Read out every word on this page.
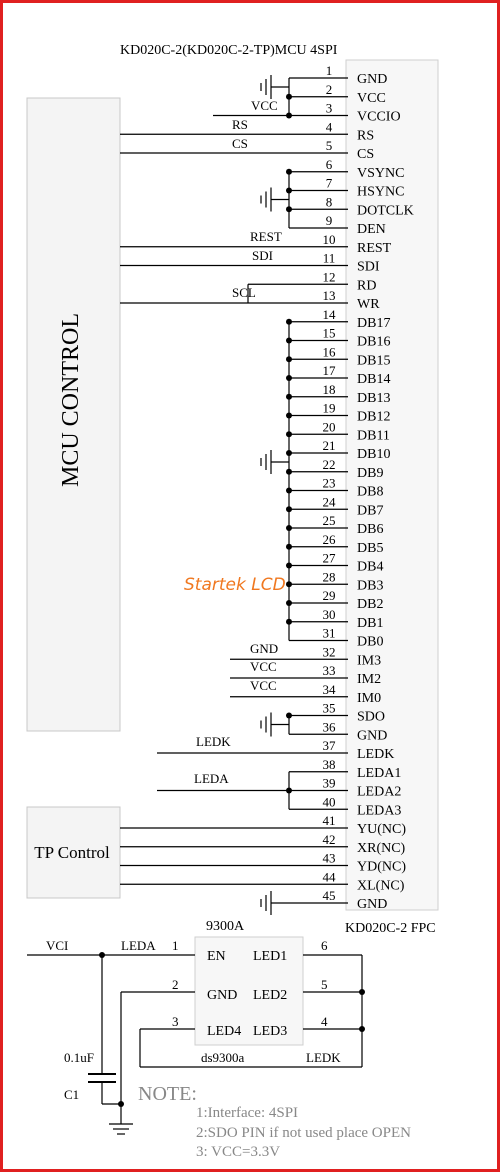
KD020C-2(KD020C-2-TP)MCU 4SPI
MCU CONTROL
TP Control
KD020C-2 FPC
1
GND
2
VCC
3
VCCIO
4
RS
5
CS
6
VSYNC
7
HSYNC
8
DOTCLK
9
DEN
10
REST
11
SDI
12
RD
13
WR
14
DB17
15
DB16
16
DB15
17
DB14
18
DB13
19
DB12
20
DB11
21
DB10
22
DB9
23
DB8
24
DB7
25
DB6
26
DB5
27
DB4
28
DB3
29
DB2
30
DB1
31
DB0
32
IM3
33
IM2
34
IM0
35
SDO
36
GND
37
LEDK
38
LEDA1
39
LEDA2
40
LEDA3
41
YU(NC)
42
XR(NC)
43
YD(NC)
44
XL(NC)
45
GND
VCC
RS
CS
REST
SDI
SCL
GND
VCC
VCC
LEDK
LEDA
Startek LCD
9300A
EN
GND
LED4
LED1
LED2
LED3
1
2
3
6
5
4
VCI	LEDA
ds9300a	LEDK
0.1uF
C1	NOTE:
1:Interface: 4SPI
2:SDO PIN if not used place OPEN
3: VCC=3.3V
